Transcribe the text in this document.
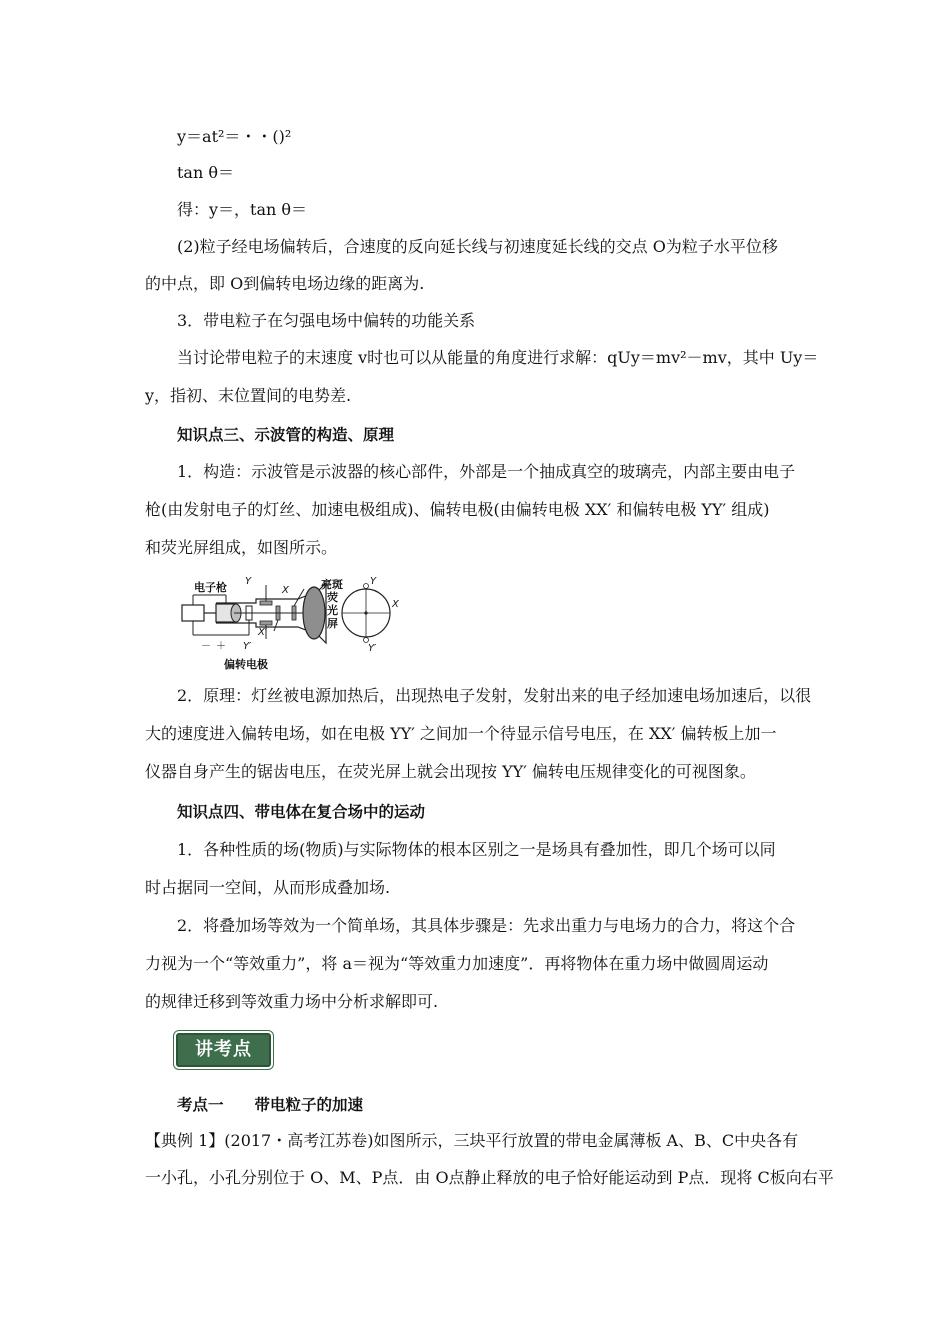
y＝at²＝・・()²
tan θ＝
得：y＝，tan θ＝
(2)粒子经电场偏转后，合速度的反向延长线与初速度延长线的交点 O为粒子水平位移
的中点，即 O到偏转电场边缘的距离为.
3．带电粒子在匀强电场中偏转的功能关系
当讨论带电粒子的末速度 v时也可以从能量的角度进行求解：qUy＝mv²－mv，其中 Uy＝
y，指初、末位置间的电势差.
知识点三、示波管的构造、原理
1．构造：示波管是示波器的核心部件，外部是一个抽成真空的玻璃壳，内部主要由电子
枪(由发射电子的灯丝、加速电极组成)、偏转电极(由偏转电极 XX′ 和偏转电极 YY′ 组成)
和荧光屏组成，如图所示。
电子枪 Y
X
X′
Y′
亮斑
荧
光
屏
Y
X
Y′
－ ＋
偏转电极
2．原理：灯丝被电源加热后，出现热电子发射，发射出来的电子经加速电场加速后，以很
大的速度进入偏转电场，如在电极 YY′ 之间加一个待显示信号电压，在 XX′ 偏转板上加一
仪器自身产生的锯齿电压，在荧光屏上就会出现按 YY′ 偏转电压规律变化的可视图象。
知识点四、带电体在复合场中的运动
1．各种性质的场(物质)与实际物体的根本区别之一是场具有叠加性，即几个场可以同
时占据同一空间，从而形成叠加场.
2．将叠加场等效为一个简单场，其具体步骤是：先求出重力与电场力的合力，将这个合
力视为一个“等效重力”，将 a＝视为“等效重力加速度”．再将物体在重力场中做圆周运动
的规律迁移到等效重力场中分析求解即可.
讲考点
考点一　　带电粒子的加速
【典例 1】(2017・高考江苏卷)如图所示，三块平行放置的带电金属薄板 A、B、C中央各有
一小孔，小孔分别位于 O、M、P点．由 O点静止释放的电子恰好能运动到 P点．现将 C板向右平
